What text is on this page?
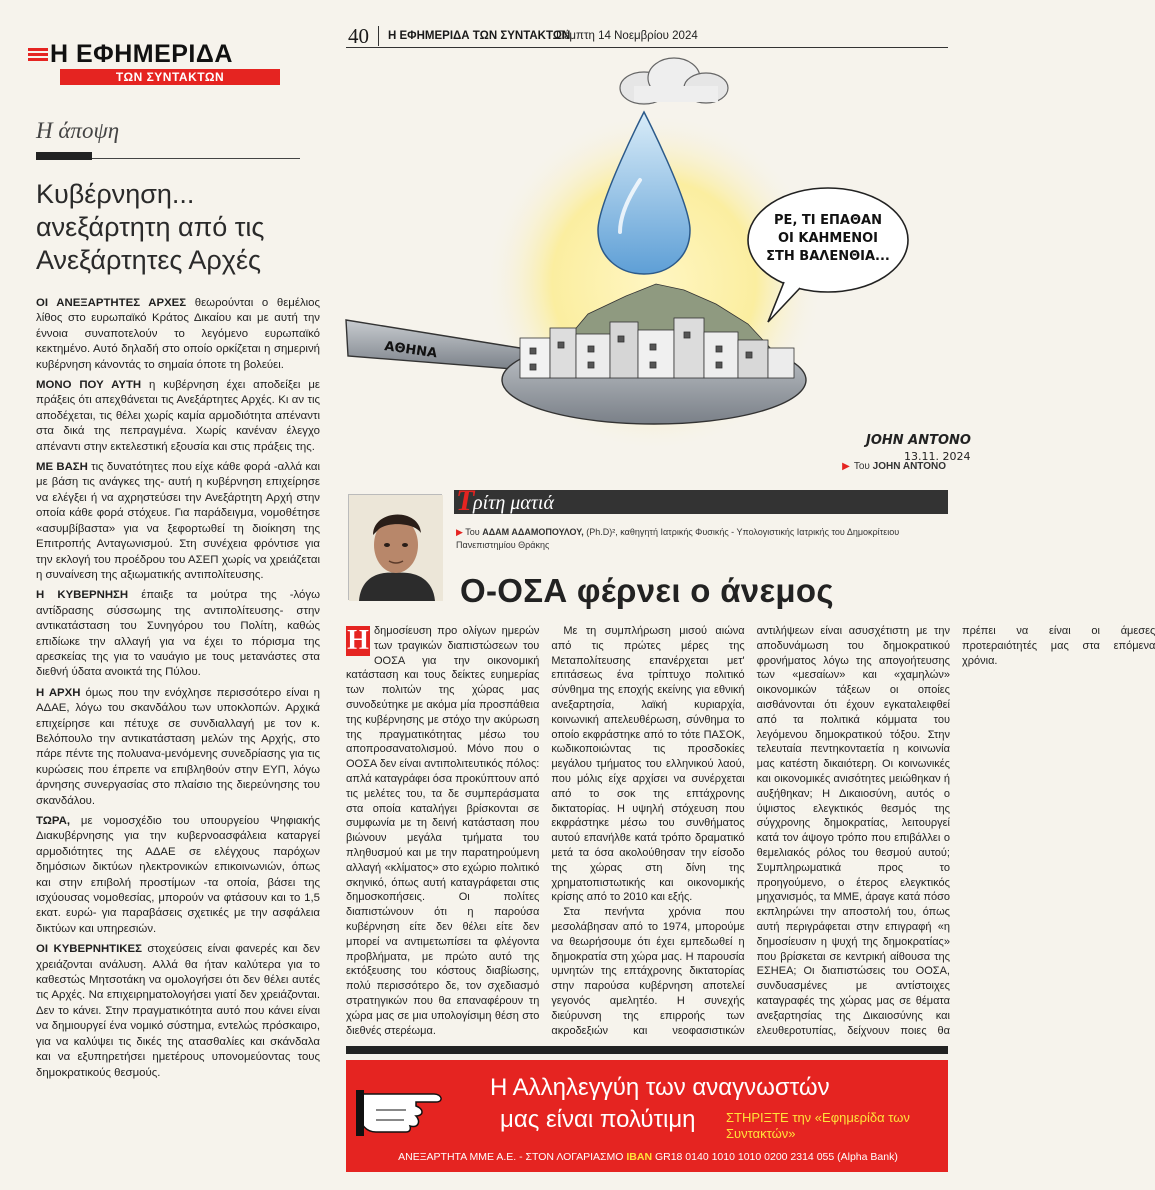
Η ΕΦΗΜΕΡΙΔΑ
ΤΩΝ ΣΥΝΤΑΚΤΩΝ
Η άποψη
Κυβέρνηση... ανεξάρτητη από τις Ανεξάρτητες Αρχές

ΟΙ ΑΝΕΞΑΡΤΗΤΕΣ ΑΡΧΕΣ θεωρούνται ο θεμέλιος λίθος στο ευρωπαϊκό Κράτος Δικαίου και με αυτή την έννοια συναποτελούν το λεγόμενο ευρωπαϊκό κεκτημένο. Αυτό δηλαδή στο οποίο ορκίζεται η σημερινή κυβέρνηση κάνοντάς το σημαία όποτε τη βολεύει.

ΜΟΝΟ ΠΟΥ ΑΥΤΗ η κυβέρνηση έχει αποδείξει με πράξεις ότι απεχθάνεται τις Ανεξάρτητες Αρχές. Κι αν τις αποδέχεται, τις θέλει χωρίς καμία αρμοδιότητα απέναντι στα δικά της πεπραγμένα. Χωρίς κανέναν έλεγχο απέναντι στην εκτελεστική εξουσία και στις πράξεις της.

ΜΕ ΒΑΣΗ τις δυνατότητες που είχε κάθε φορά -αλλά και με βάση τις ανάγκες της- αυτή η κυβέρνηση επιχείρησε να ελέγξει ή να αχρηστεύσει την Ανεξάρτητη Αρχή στην οποία κάθε φορά στόχευε. Για παράδειγμα, νομοθέτησε «ασυμβίβαστα» για να ξεφορτωθεί τη διοίκηση της Επιτροπής Ανταγωνισμού. Στη συνέχεια φρόντισε για την εκλογή του προέδρου του ΑΣΕΠ χωρίς να χρειάζεται η συναίνεση της αξιωματικής αντιπολίτευσης.

Η ΚΥΒΕΡΝΗΣΗ έπαιξε τα μούτρα της -λόγω αντίδρασης σύσσωμης της αντιπολίτευσης- στην αντικατάσταση του Συνηγόρου του Πολίτη, καθώς επιδίωκε την αλλαγή για να έχει το πόρισμα της αρεσκείας της για το ναυάγιο με τους μετανάστες στα διεθνή ύδατα ανοικτά της Πύλου.

Η ΑΡΧΗ όμως που την ενόχλησε περισσότερο είναι η ΑΔΑΕ, λόγω του σκανδάλου των υποκλοπών. Αρχικά επιχείρησε και πέτυχε σε συνδιαλλαγή με τον κ. Βελόπουλο την αντικατάσταση μελών της Αρχής, στο πάρε πέντε της πολυανα-μενόμενης συνεδρίασης για τις κυρώσεις που έπρεπε να επιβληθούν στην ΕΥΠ, λόγω άρνησης συνεργασίας στο πλαίσιο της διερεύνησης του σκανδάλου.

ΤΩΡΑ, με νομοσχέδιο του υπουργείου Ψηφιακής Διακυβέρνησης για την κυβερνοασφάλεια καταργεί αρμοδιότητες της ΑΔΑΕ σε ελέγχους παρόχων δημόσιων δικτύων ηλεκτρονικών επικοινωνιών, όπως και στην επιβολή προστίμων -τα οποία, βάσει της ισχύουσας νομοθεσίας, μπορούν να φτάσουν και το 1,5 εκατ. ευρώ- για παραβάσεις σχετικές με την ασφάλεια δικτύων και υπηρεσιών.

ΟΙ ΚΥΒΕΡΝΗΤΙΚΕΣ στοχεύσεις είναι φανερές και δεν χρειάζονται ανάλυση. Αλλά θα ήταν καλύτερα για το καθεστώς Μητσοτάκη να ομολογήσει ότι δεν θέλει αυτές τις Αρχές. Να επιχειρηματολογήσει γιατί δεν χρειάζονται. Δεν το κάνει. Στην πραγματικότητα αυτό που κάνει είναι να δημιουργεί ένα νομικό σύστημα, εντελώς πρόσκαιρο, για να καλύψει τις δικές της ατασθαλίες και σκάνδαλα και να εξυπηρετήσει ημετέρους υπονομεύοντας τους δημοκρατικούς θεσμούς.

40 Η ΕΦΗΜΕΡΙΔΑ ΤΩΝ ΣΥΝΤΑΚΤΩΝ
Πέμπτη 14 Νοεμβρίου 2024
ΡΕ, ΤΙ ΕΠΑΘΑΝ
ΟΙ ΚΑΗΜΕΝΟΙ
ΣΤΗ ΒΑΛΕΝΘΙΑ...
ΑΘΗΝΑ
JOHN ANTONO
13.11. 2024
▶ Του JOHN ANTONO
Τ
ρίτη ματιά
▶ Του ΑΔΑΜ ΑΔΑΜΟΠΟΥΛΟΥ, (Ph.D)², καθηγητή Ιατρικής Φυσικής - Υπολογιστικής Ιατρικής του Δημοκρίτειου Πανεπιστημίου Θράκης
Ο-ΟΣΑ φέρνει ο άνεμος

Η δημοσίευση προ ολίγων ημερών των τραγικών διαπιστώσεων του ΟΟΣΑ για την οικονομική κατάσταση και τους δείκτες ευημερίας των πολιτών της χώρας μας συνοδεύτηκε με ακόμα μία προσπάθεια της κυβέρνησης με στόχο την ακύρωση της πραγματικότητας μέσω του αποπροσανατολισμού. Μόνο που ο ΟΟΣΑ δεν είναι αντιπολιτευτικός πόλος: απλά καταγράφει όσα προκύπτουν από τις μελέτες του, τα δε συμπεράσματα στα οποία καταλήγει βρίσκονται σε συμφωνία με τη δεινή κατάσταση που βιώνουν μεγάλα τμήματα του πληθυσμού και με την παρατηρούμενη αλλαγή «κλίματος» στο εχώριο πολιτικό σκηνικό, όπως αυτή καταγράφεται στις δημοσκοπήσεις. Οι πολίτες διαπιστώνουν ότι η παρούσα κυβέρνηση είτε δεν θέλει είτε δεν μπορεί να αντιμετωπίσει τα φλέγοντα προβλήματα, με πρώτο αυτό της εκτόξευσης του κόστους διαβίωσης, πολύ περισσότερο δε, τον σχεδιασμό στρατηγικών που θα επαναφέρουν τη χώρα μας σε μια υπολογίσιμη θέση στο διεθνές στερέωμα.

Με τη συμπλήρωση μισού αιώνα από τις πρώτες μέρες της Μεταπολίτευσης επανέρχεται μετ' επιτάσεως ένα τρίπτυχο πολιτικό σύνθημα της εποχής εκείνης για εθνική ανεξαρτησία, λαϊκή κυριαρχία, κοινωνική απελευθέρωση, σύνθημα το οποίο εκφράστηκε από το τότε ΠΑΣΟΚ, κωδικοποιώντας τις προσδοκίες μεγάλου τμήματος του ελληνικού λαού, που μόλις είχε αρχίσει να συνέρχεται από το σοκ της επτάχρονης δικτατορίας. Η υψηλή στόχευση που εκφράστηκε μέσω του συνθήματος αυτού επανήλθε κατά τρόπο δραματικό μετά τα όσα ακολούθησαν την είσοδο της χώρας στη δίνη της χρηματοπιστωτικής και οικονομικής κρίσης από το 2010 και εξής.

Στα πενήντα χρόνια που μεσολάβησαν από το 1974, μπορούμε να θεωρήσουμε ότι έχει εμπεδωθεί η δημοκρατία στη χώρα μας. Η παρουσία υμνητών της επτάχρονης δικτατορίας στην παρούσα κυβέρνηση αποτελεί γεγονός αμελητέο. Η συνεχής διεύρυνση της επιρροής των ακροδεξιών και νεοφασιστικών αντιλήψεων είναι ασυσχέτιστη με την αποδυνάμωση του δημοκρατικού φρονήματος λόγω της απογοήτευσης των «μεσαίων» και «χαμηλών» οικονομικών τάξεων οι οποίες αισθάνονται ότι έχουν εγκαταλειφθεί από τα πολιτικά κόμματα του λεγόμενου δημοκρατικού τόξου. Στην τελευταία πεντηκονταετία η κοινωνία μας κατέστη δικαιότερη. Οι κοινωνικές και οικονομικές ανισότητες μειώθηκαν ή αυξήθηκαν; Η Δικαιοσύνη, αυτός ο ύψιστος ελεγκτικός θεσμός της σύγχρονης δημοκρατίας, λειτουργεί κατά τον άψογο τρόπο που επιβάλλει ο θεμελιακός ρόλος του θεσμού αυτού; Συμπληρωματικά προς το προηγούμενο, ο έτερος ελεγκτικός μηχανισμός, τα ΜΜΕ, άραγε κατά πόσο εκπληρώνει την αποστολή του, όπως αυτή περιγράφεται στην επιγραφή «η δημοσίευσιν η ψυχή της δημοκρατίας» που βρίσκεται σε κεντρική αίθουσα της ΕΣΗΕΑ; Οι διαπιστώσεις του ΟΟΣΑ, συνδυασμένες με αντίστοιχες καταγραφές της χώρας μας σε θέματα ανεξαρτησίας της Δικαιοσύνης και ελευθεροτυπίας, δείχνουν ποιες θα πρέπει να είναι οι άμεσες προτεραιότητές μας στα επόμενα χρόνια.

Η Αλληλεγγύη των αναγνωστών
μας είναι πολύτιμη ΣΤΗΡΙΞΤΕ την «Εφημερίδα των Συντακτών»
ΑΝΕΞΑΡΤΗΤΑ ΜΜΕ Α.Ε. - ΣΤΟΝ ΛΟΓΑΡΙΑΣΜΟ IBAN GR18 0140 1010 1010 0200 2314 055 (Alpha Bank)
